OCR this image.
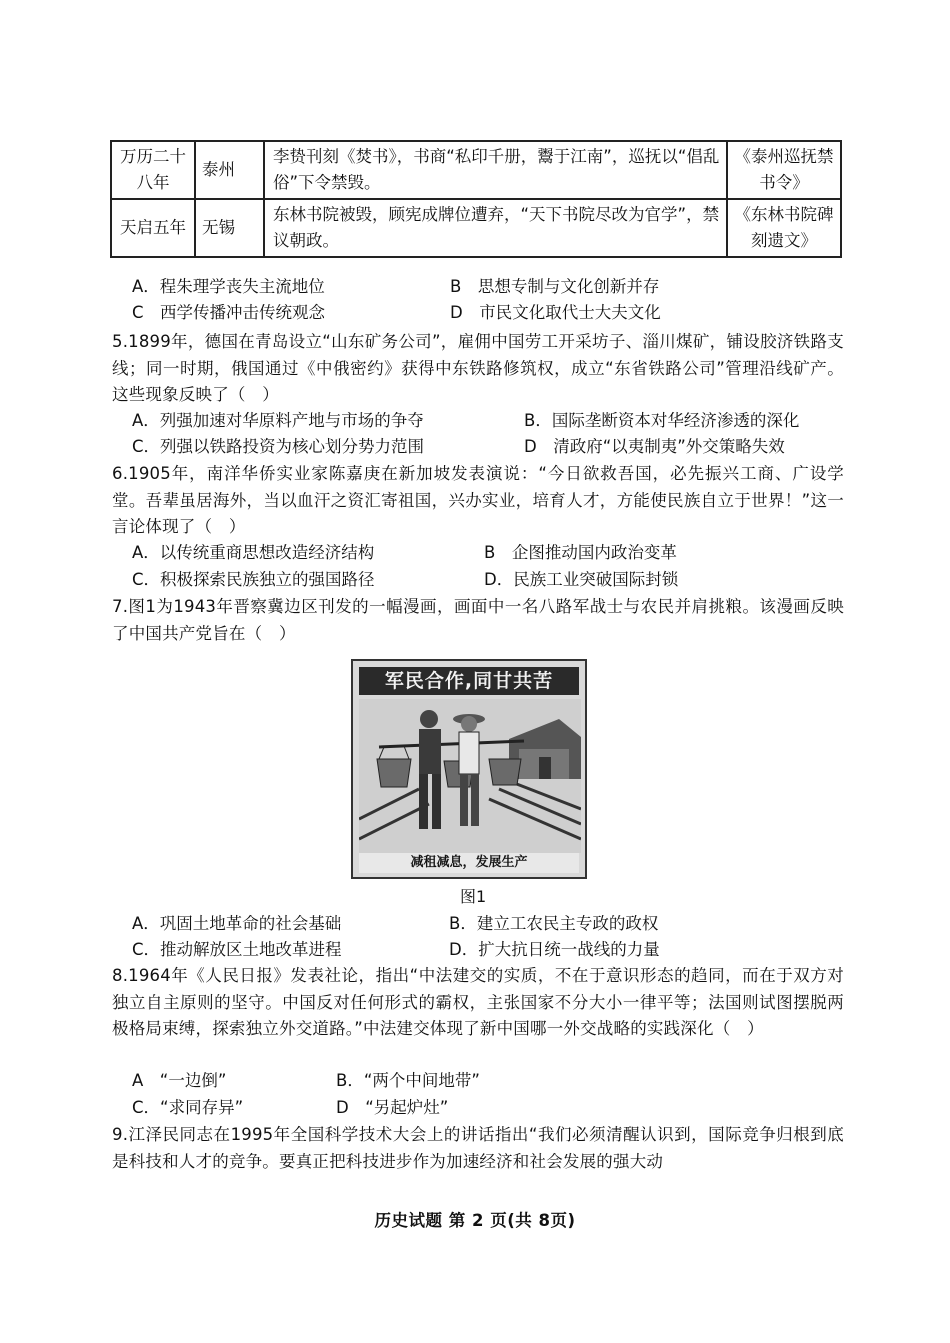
万历二十八年	泰州	李贽刊刻《焚书》，书商“私印千册，鬻于江南”，巡抚以“倡乱俗”下令禁毁。	《泰州巡抚禁书令》
天启五年	无锡	东林书院被毁，顾宪成牌位遭弃，“天下书院尽改为官学”，禁议朝政。	《东林书院碑刻遗文》
A．程朱理学丧失主流地位	B　思想专制与文化创新并存
C　西学传播冲击传统观念	D　市民文化取代士大夫文化
5.1899年，德国在青岛设立“山东矿务公司”，雇佣中国劳工开采坊子、淄川煤矿，铺设胶济铁路支线；同一时期，俄国通过《中俄密约》获得中东铁路修筑权，成立“东省铁路公司”管理沿线矿产。这些现象反映了（　）
A．列强加速对华原料产地与市场的争夺	B．国际垄断资本对华经济渗透的深化
C．列强以铁路投资为核心划分势力范围	D　清政府“以夷制夷”外交策略失效
6.1905年，南洋华侨实业家陈嘉庚在新加坡发表演说：“今日欲救吾国，必先振兴工商、广设学堂。吾辈虽居海外，当以血汗之资汇寄祖国，兴办实业，培育人才，方能使民族自立于世界！”这一言论体现了（　）
A．以传统重商思想改造经济结构	B　企图推动国内政治变革
C．积极探索民族独立的强国路径	D．民族工业突破国际封锁
7.图1为1943年晋察冀边区刊发的一幅漫画，画面中一名八路军战士与农民并肩挑粮。该漫画反映了中国共产党旨在（　）
军民合作,同甘共苦
减租减息，发展生产
图1
A．巩固土地革命的社会基础	B．建立工农民主专政的政权
C．推动解放区土地改革进程	D．扩大抗日统一战线的力量
8.1964年《人民日报》发表社论，指出“中法建交的实质，不在于意识形态的趋同，而在于双方对独立自主原则的坚守。中国反对任何形式的霸权，主张国家不分大小一律平等；法国则试图摆脱两极格局束缚，探索独立外交道路。”中法建交体现了新中国哪一外交战略的实践深化（　）
A　“一边倒”	B．“两个中间地带”
C．“求同存异”	D　“另起炉灶”
9.江泽民同志在1995年全国科学技术大会上的讲话指出“我们必须清醒认识到，国际竞争归根到底是科技和人才的竞争。要真正把科技进步作为加速经济和社会发展的强大动
历史试题 第 2 页(共 8页)
